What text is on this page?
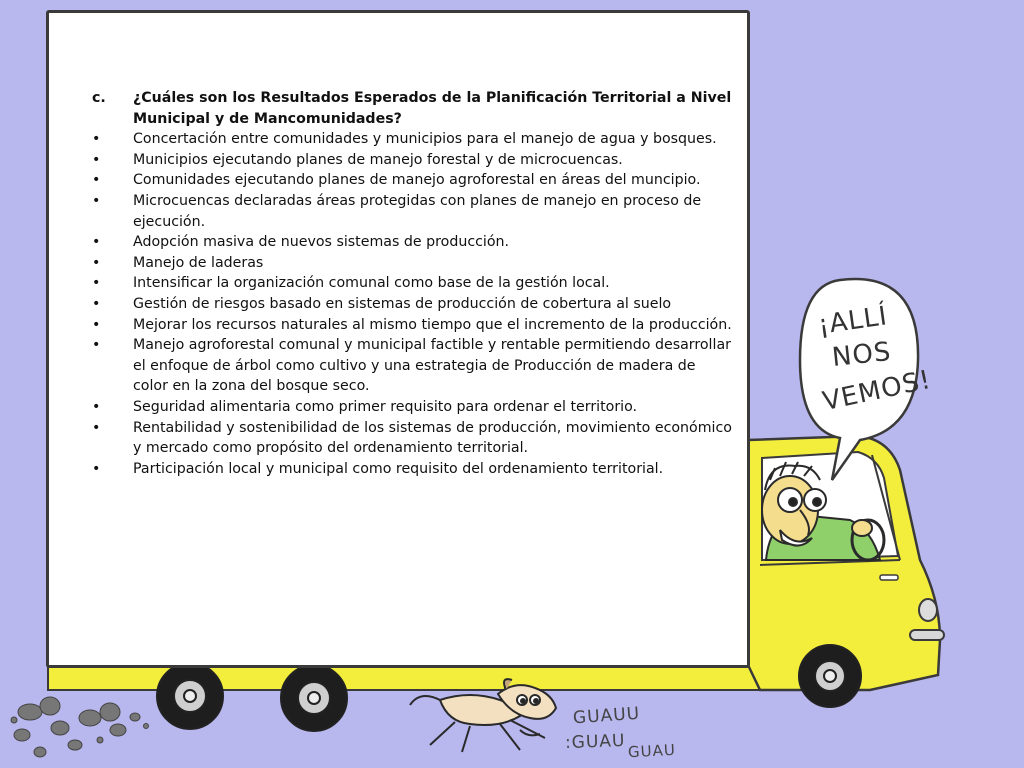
c.	¿Cuáles son los Resultados Esperados de la Planificación Territorial a Nivel Municipal y de Mancomunidades?
•	Concertación entre comunidades y municipios para el manejo de agua y bosques.
•	Municipios ejecutando planes de manejo forestal y de microcuencas.
•	Comunidades ejecutando planes de manejo agroforestal en áreas del muncipio.
•	Microcuencas declaradas áreas protegidas con planes de manejo en proceso de ejecución.
•	Adopción masiva de nuevos sistemas de producción.
•	Manejo de laderas
•	Intensificar la organización comunal como base de la gestión local.
•	Gestión de riesgos basado en sistemas de producción de cobertura al suelo
•	Mejorar los recursos naturales al mismo tiempo que el incremento de la producción.
•	Manejo agroforestal comunal y municipal factible y rentable permitiendo desarrollar el enfoque de árbol como cultivo y una estrategia de Producción de madera de color en la zona del bosque seco.
•	Seguridad alimentaria como primer requisito para ordenar el territorio.
•	Rentabilidad y sostenibilidad de los sistemas de producción, movimiento económico y mercado como propósito del ordenamiento territorial.
•	Participación local y municipal como requisito del ordenamiento territorial.
¡ALLÍ
NOS
VEMOS!
GUAUU
:GUAU GUAU
